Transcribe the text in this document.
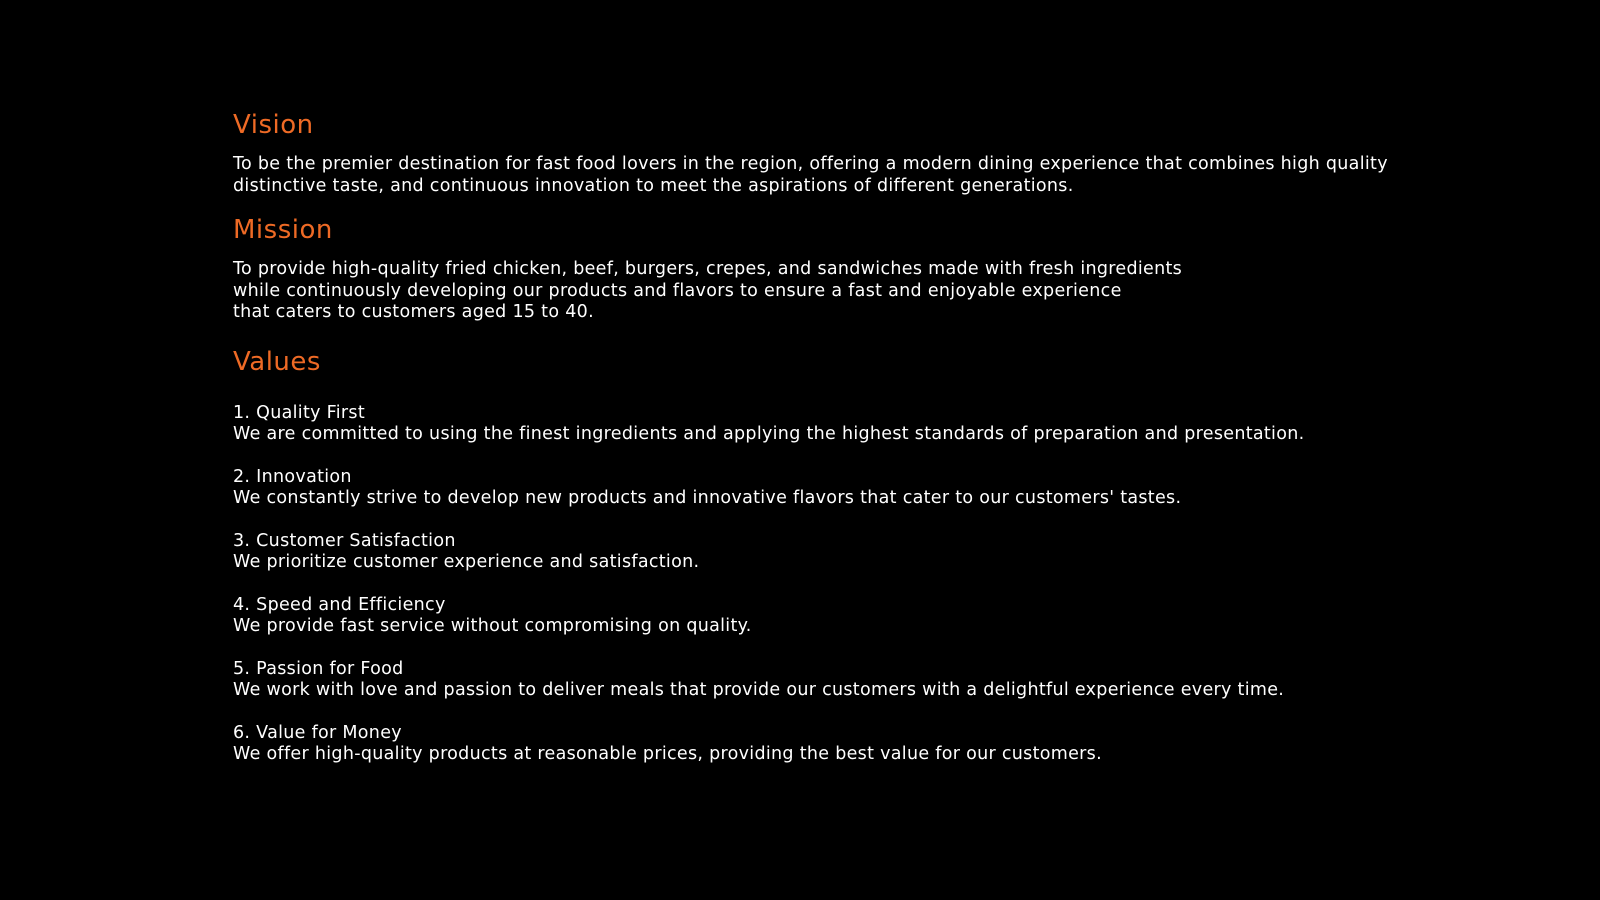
Vision

To be the premier destination for fast food lovers in the region, offering a modern dining experience that combines high quality
distinctive taste, and continuous innovation to meet the aspirations of different generations.

Mission

To provide high-quality fried chicken, beef, burgers, crepes, and sandwiches made with fresh ingredients
while continuously developing our products and flavors to ensure a fast and enjoyable experience
that caters to customers aged 15 to 40.

Values
1. Quality First
We are committed to using the finest ingredients and applying the highest standards of preparation and presentation.
2. Innovation
We constantly strive to develop new products and innovative flavors that cater to our customers' tastes.
3. Customer Satisfaction
We prioritize customer experience and satisfaction.
4. Speed and Efficiency
We provide fast service without compromising on quality.
5. Passion for Food
We work with love and passion to deliver meals that provide our customers with a delightful experience every time.
6. Value for Money
We offer high-quality products at reasonable prices, providing the best value for our customers.
